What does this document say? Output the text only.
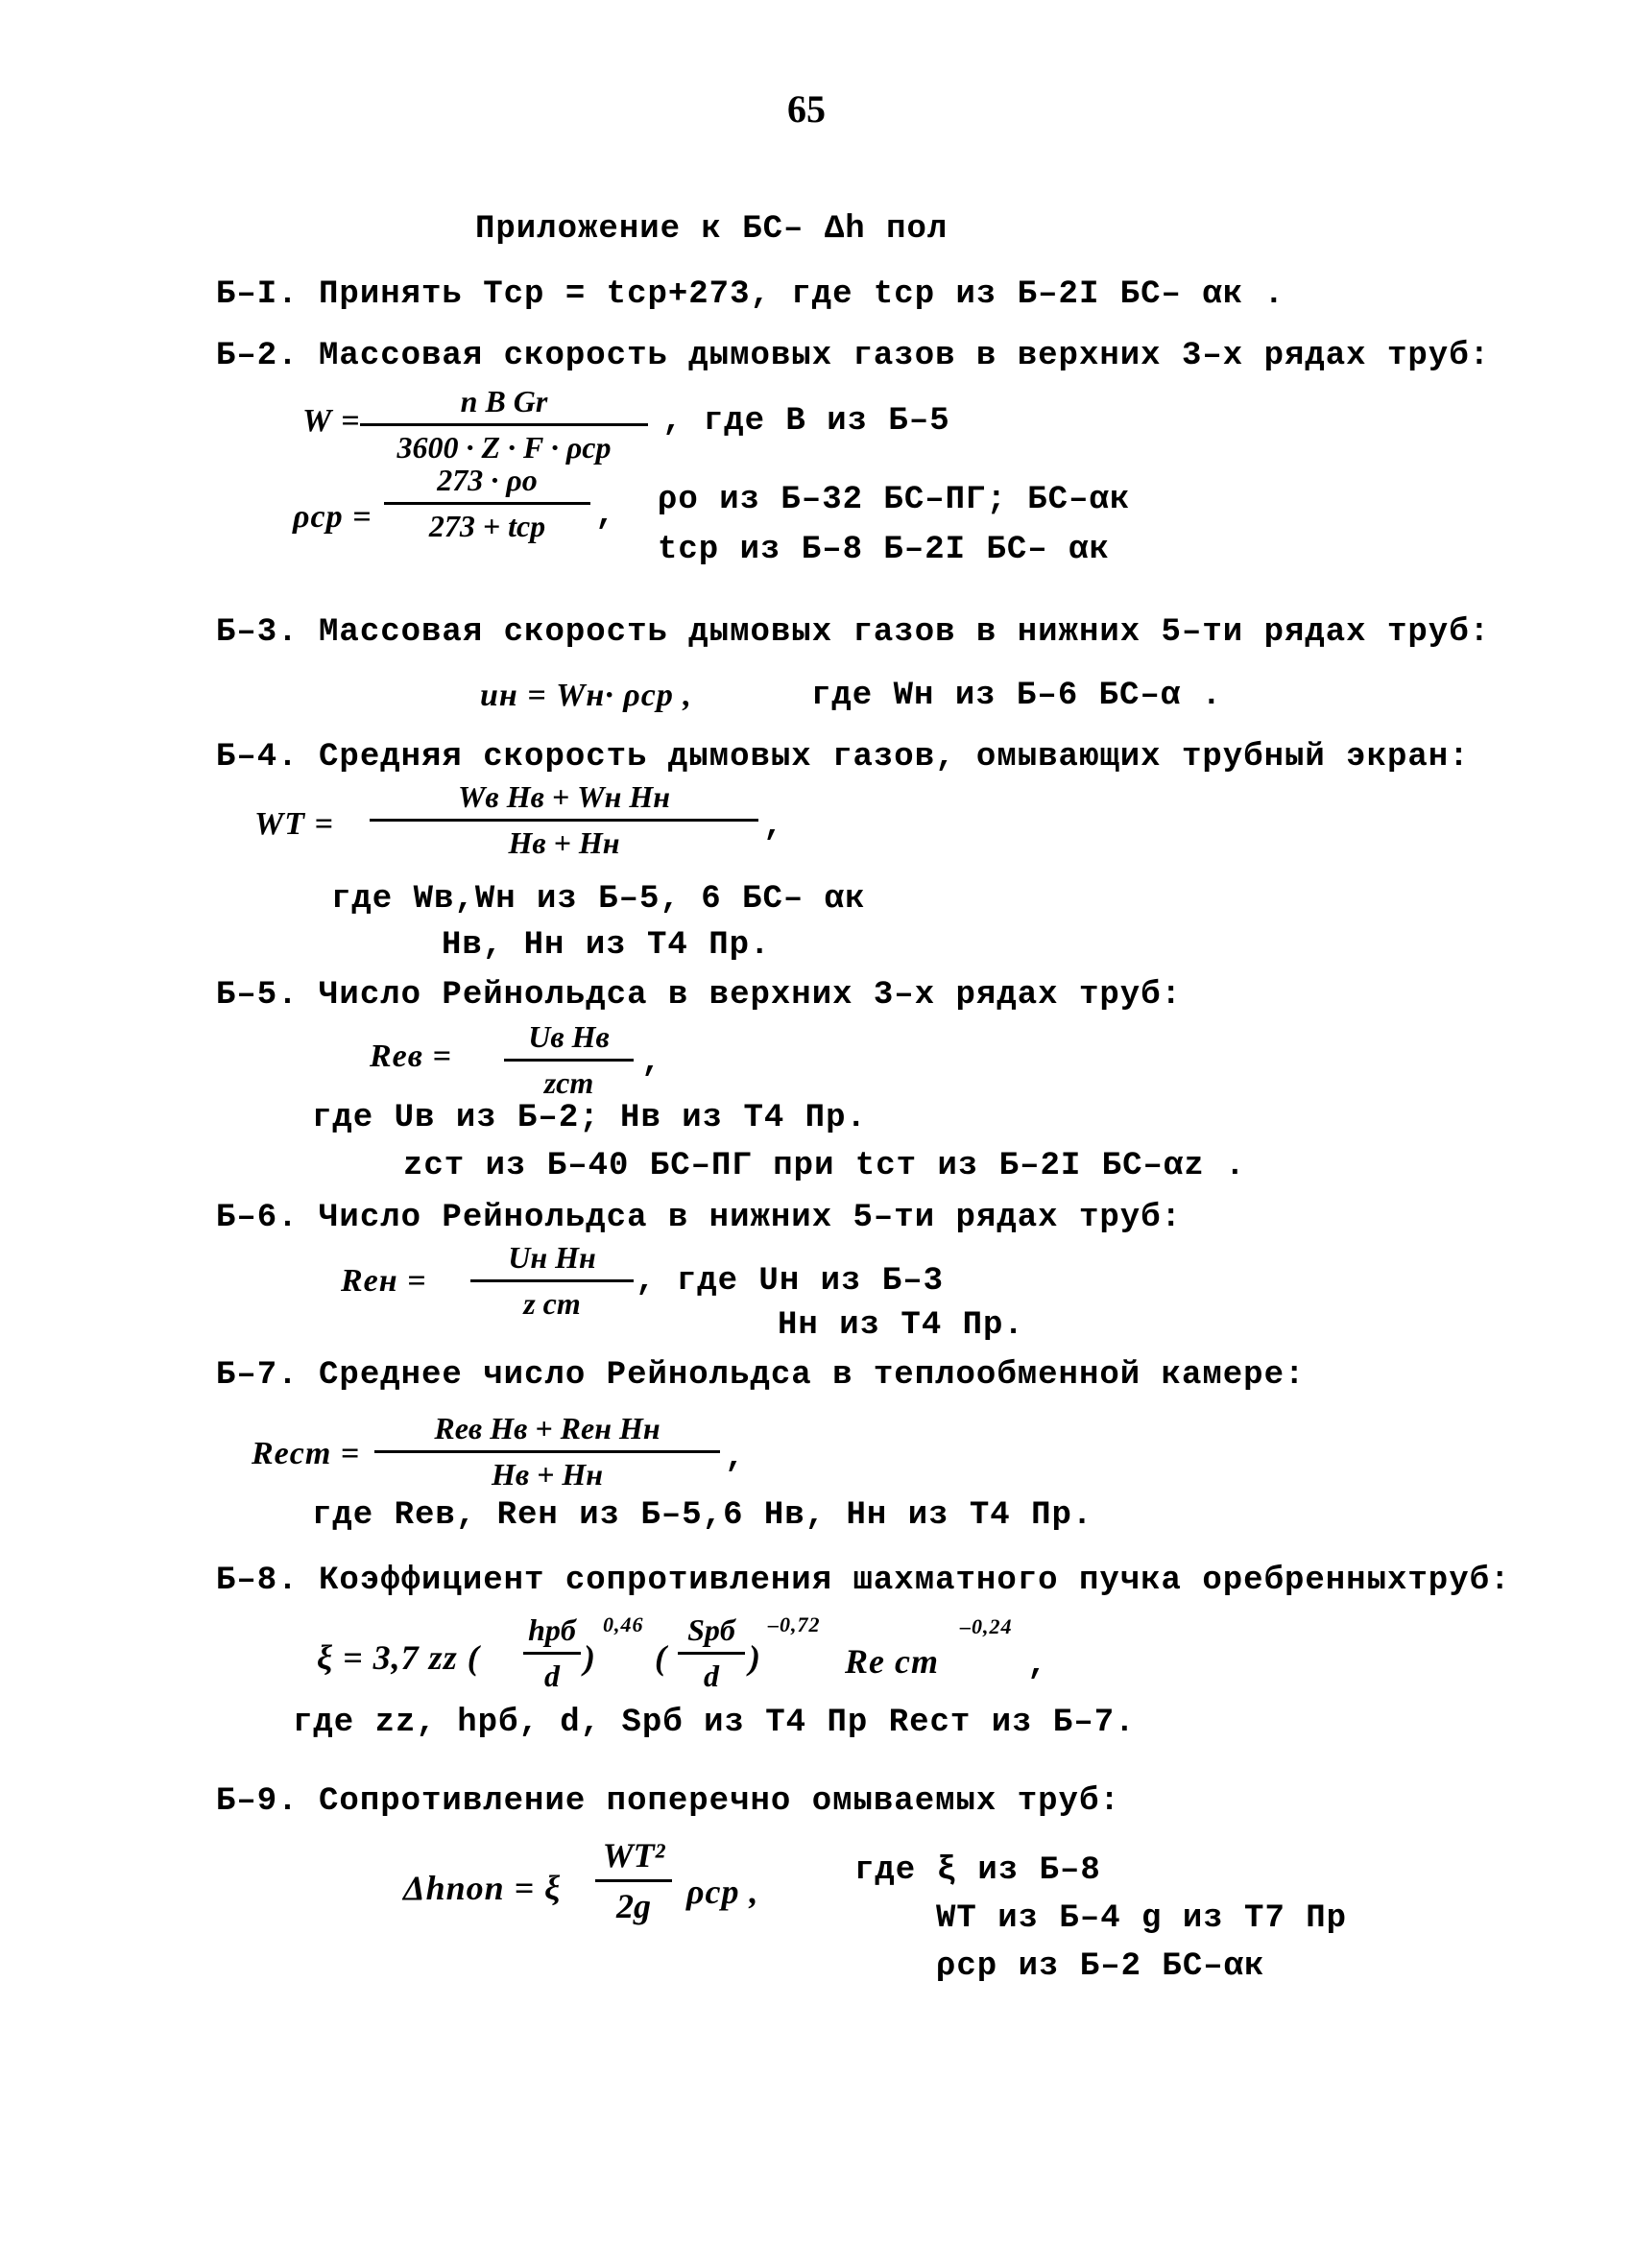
65
Приложение к БС– Δh пол
Б–I. Принять Tср = tср+273, где tср из Б–2I БС– αк .
Б–2. Массовая скорость дымовых газов в верхних 3–х рядах труб:
W =
n B Gr
3600 · Z · F · ρср
, где B из Б–5
ρср =
273 · ρo
273 + tср	, ρo из Б–32 БС–ПГ; БС–αк
tср из Б–8 Б–2I БС– αк
Б–3. Массовая скорость дымовых газов в нижних 5–ти рядах труб:
uн = Wн· ρср ,	где Wн из Б–6 БС–α .
Б–4. Средняя скорость дымовых газов, омывающих трубный экран:
WT =
Wв Hв + Wн Hн
Hв + Hн	,
где Wв,Wн из Б–5, 6 БС– αк
Hв, Hн из Т4 Пр.
Б–5. Число Рейнольдса в верхних 3–х рядах труб:
Reв =
Uв Hв
zст
,
где Uв из Б–2; Hв из Т4 Пр.
zст из Б–40 БС–ПГ при tст из Б–2I БС–αz .
Б–6. Число Рейнольдса в нижних 5–ти рядах труб:
Reн =
Uн Hн
z ст
, где Uн из Б–3
Hн из Т4 Пр.
Б–7. Среднее число Рейнольдса в теплообменной камере:
Reст =
Reв Hв + Reн Hн
Hв + Hн	,
где Reв, Reн из Б–5,6 Hв, Hн из Т4 Пр.
Б–8. Коэффициент сопротивления шахматного пучка оребренныхтруб:
ξ = 3,7 zz (
hрб
d )
0,46
(
Sрб
d )
–0,72
Re ст
–0,24
,
где zz, hрб, d, Sрб из Т4 Пр Reст из Б–7.
Б–9. Сопротивление поперечно омываемых труб:
Δhпоп = ξ
WT²
2g	ρср ,
где ξ из Б–8
WT из Б–4 g из Т7 Пр
ρср из Б–2 БС–αк
